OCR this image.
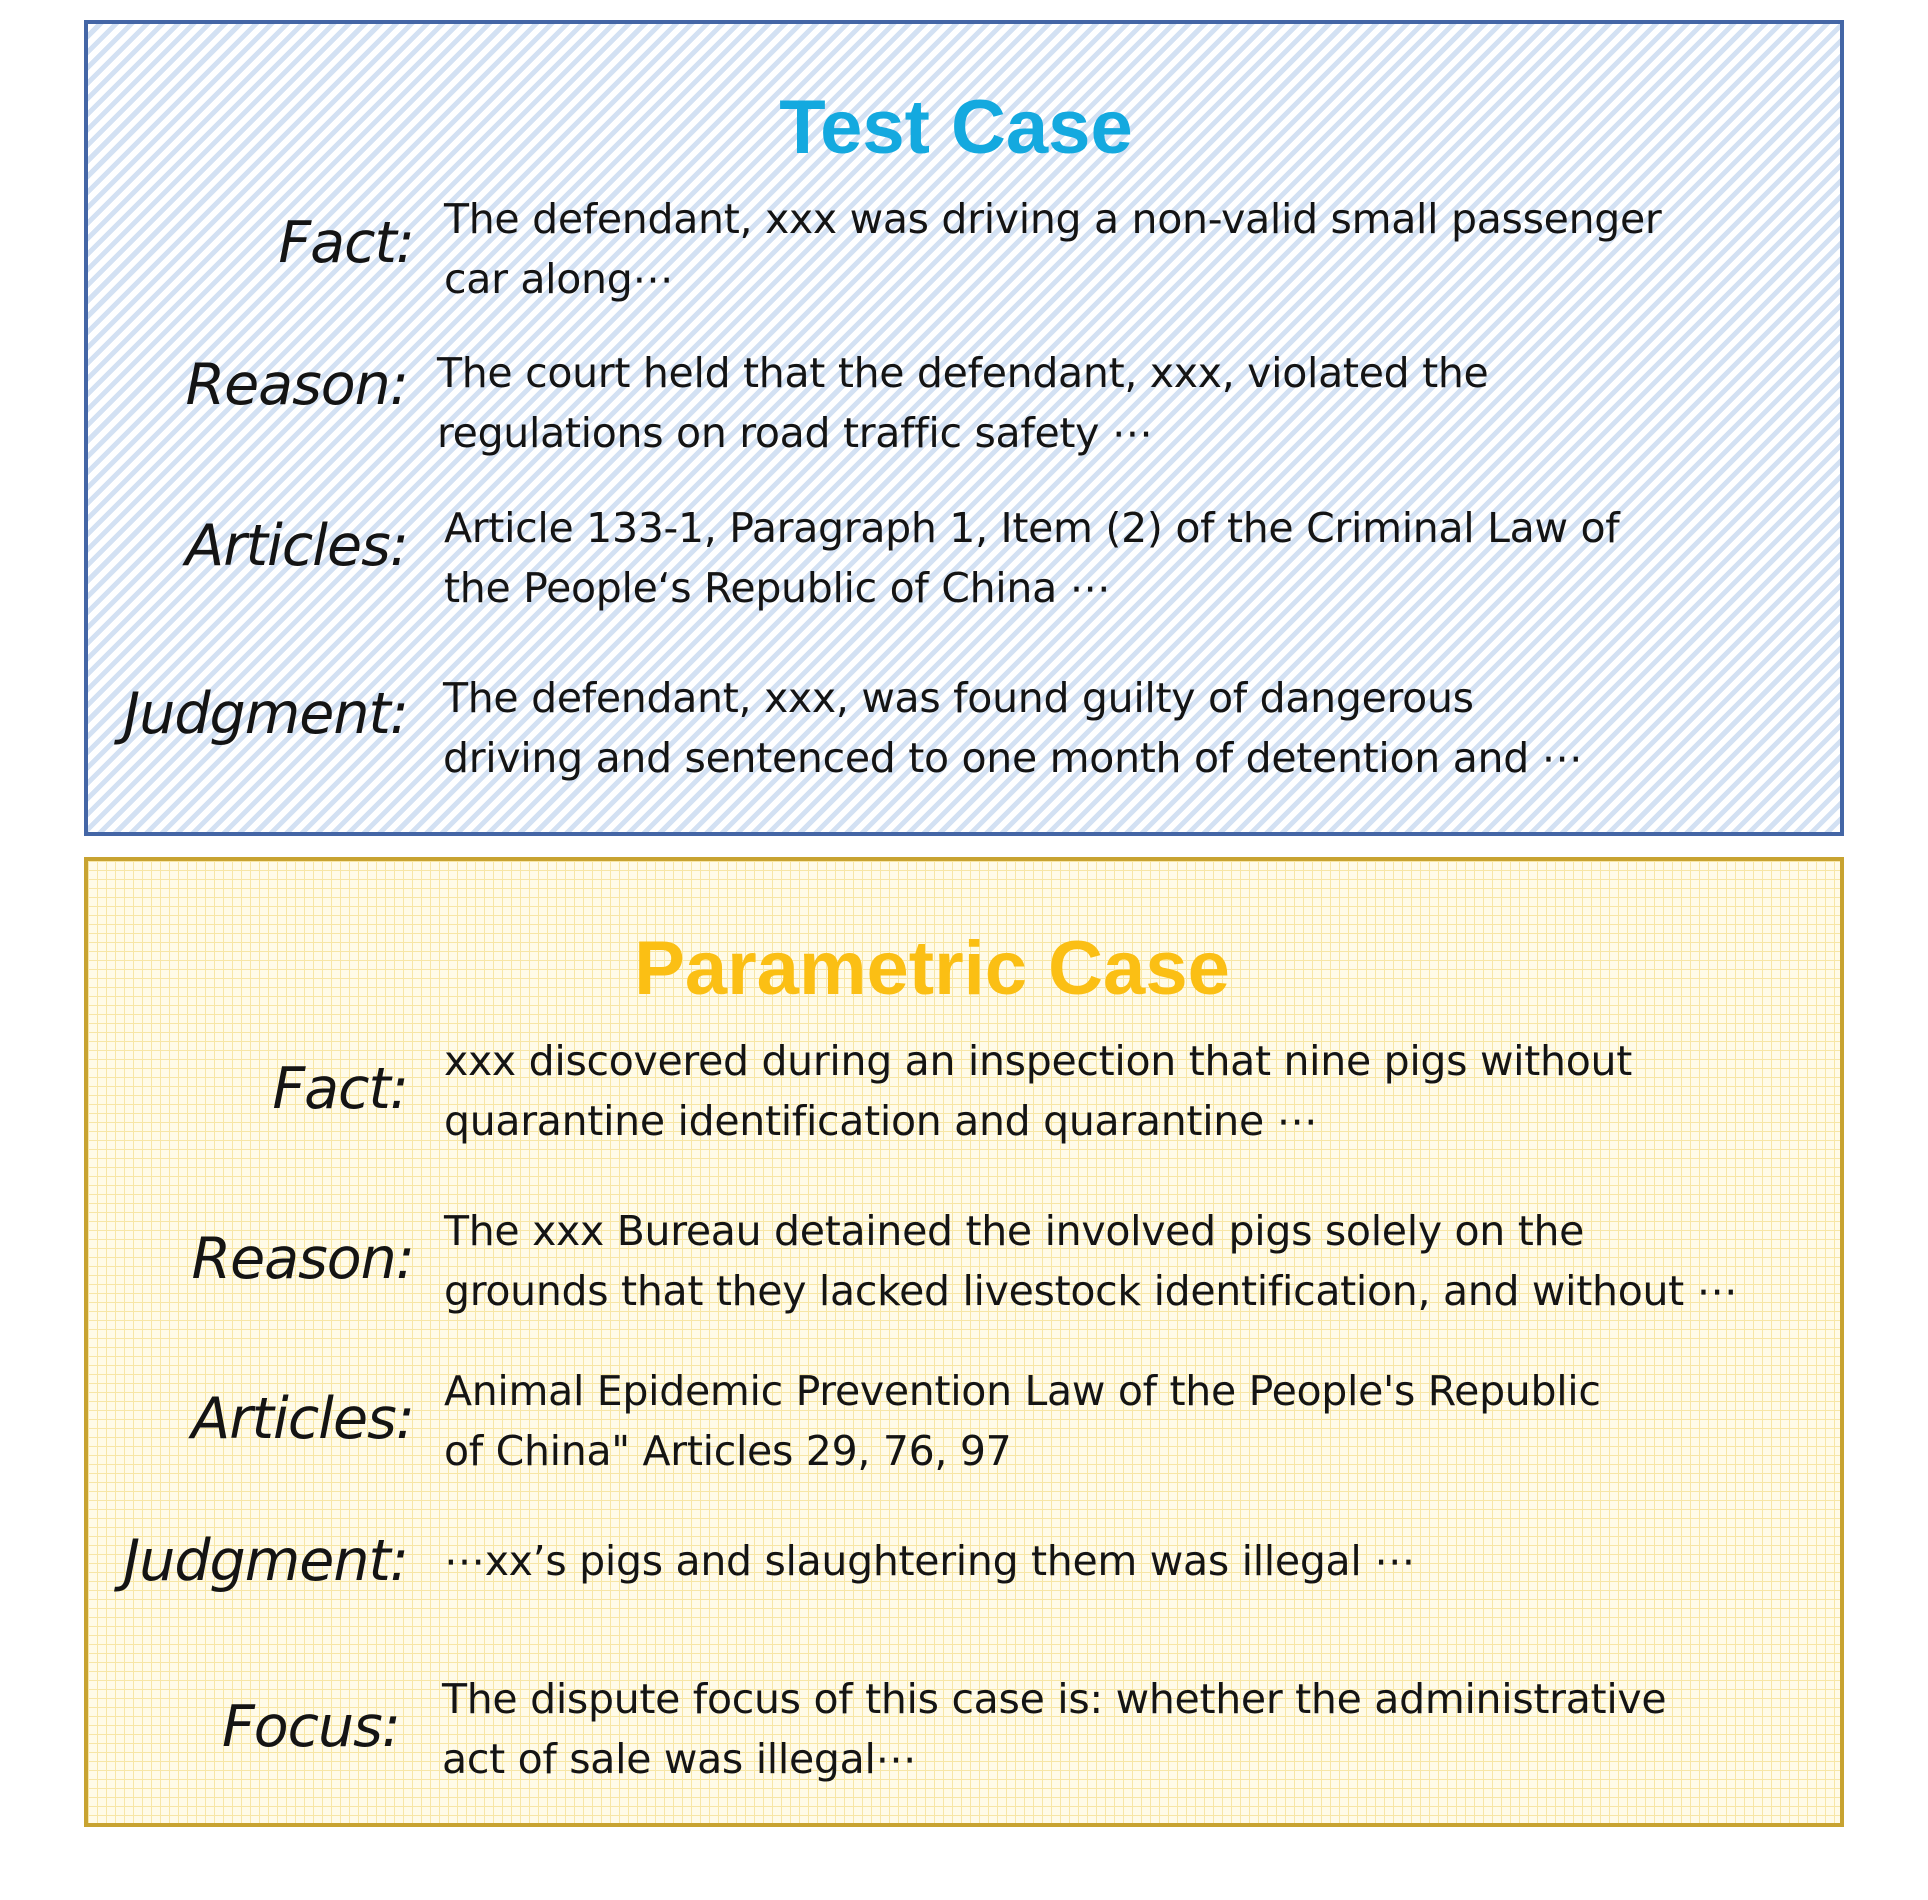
Test Case
Fact: The defendant, xxx was driving a non-valid small passenger
car along⋯
Reason: The court held that the defendant, xxx, violated the
regulations on road traffic safety ⋯
Articles: Article 133-1, Paragraph 1, Item (2) of the Criminal Law of
the People‘s Republic of China ⋯
Judgment: The defendant, xxx, was found guilty of dangerous
driving and sentenced to one month of detention and ⋯
Parametric Case
Fact: xxx discovered during an inspection that nine pigs without
quarantine identification and quarantine ⋯
Reason: The xxx Bureau detained the involved pigs solely on the
grounds that they lacked livestock identification, and without ⋯
Articles: Animal Epidemic Prevention Law of the People's Republic
of China" Articles 29, 76, 97
Judgment: ⋯xx’s pigs and slaughtering them was illegal ⋯
Focus: The dispute focus of this case is: whether the administrative
act of sale was illegal⋯
